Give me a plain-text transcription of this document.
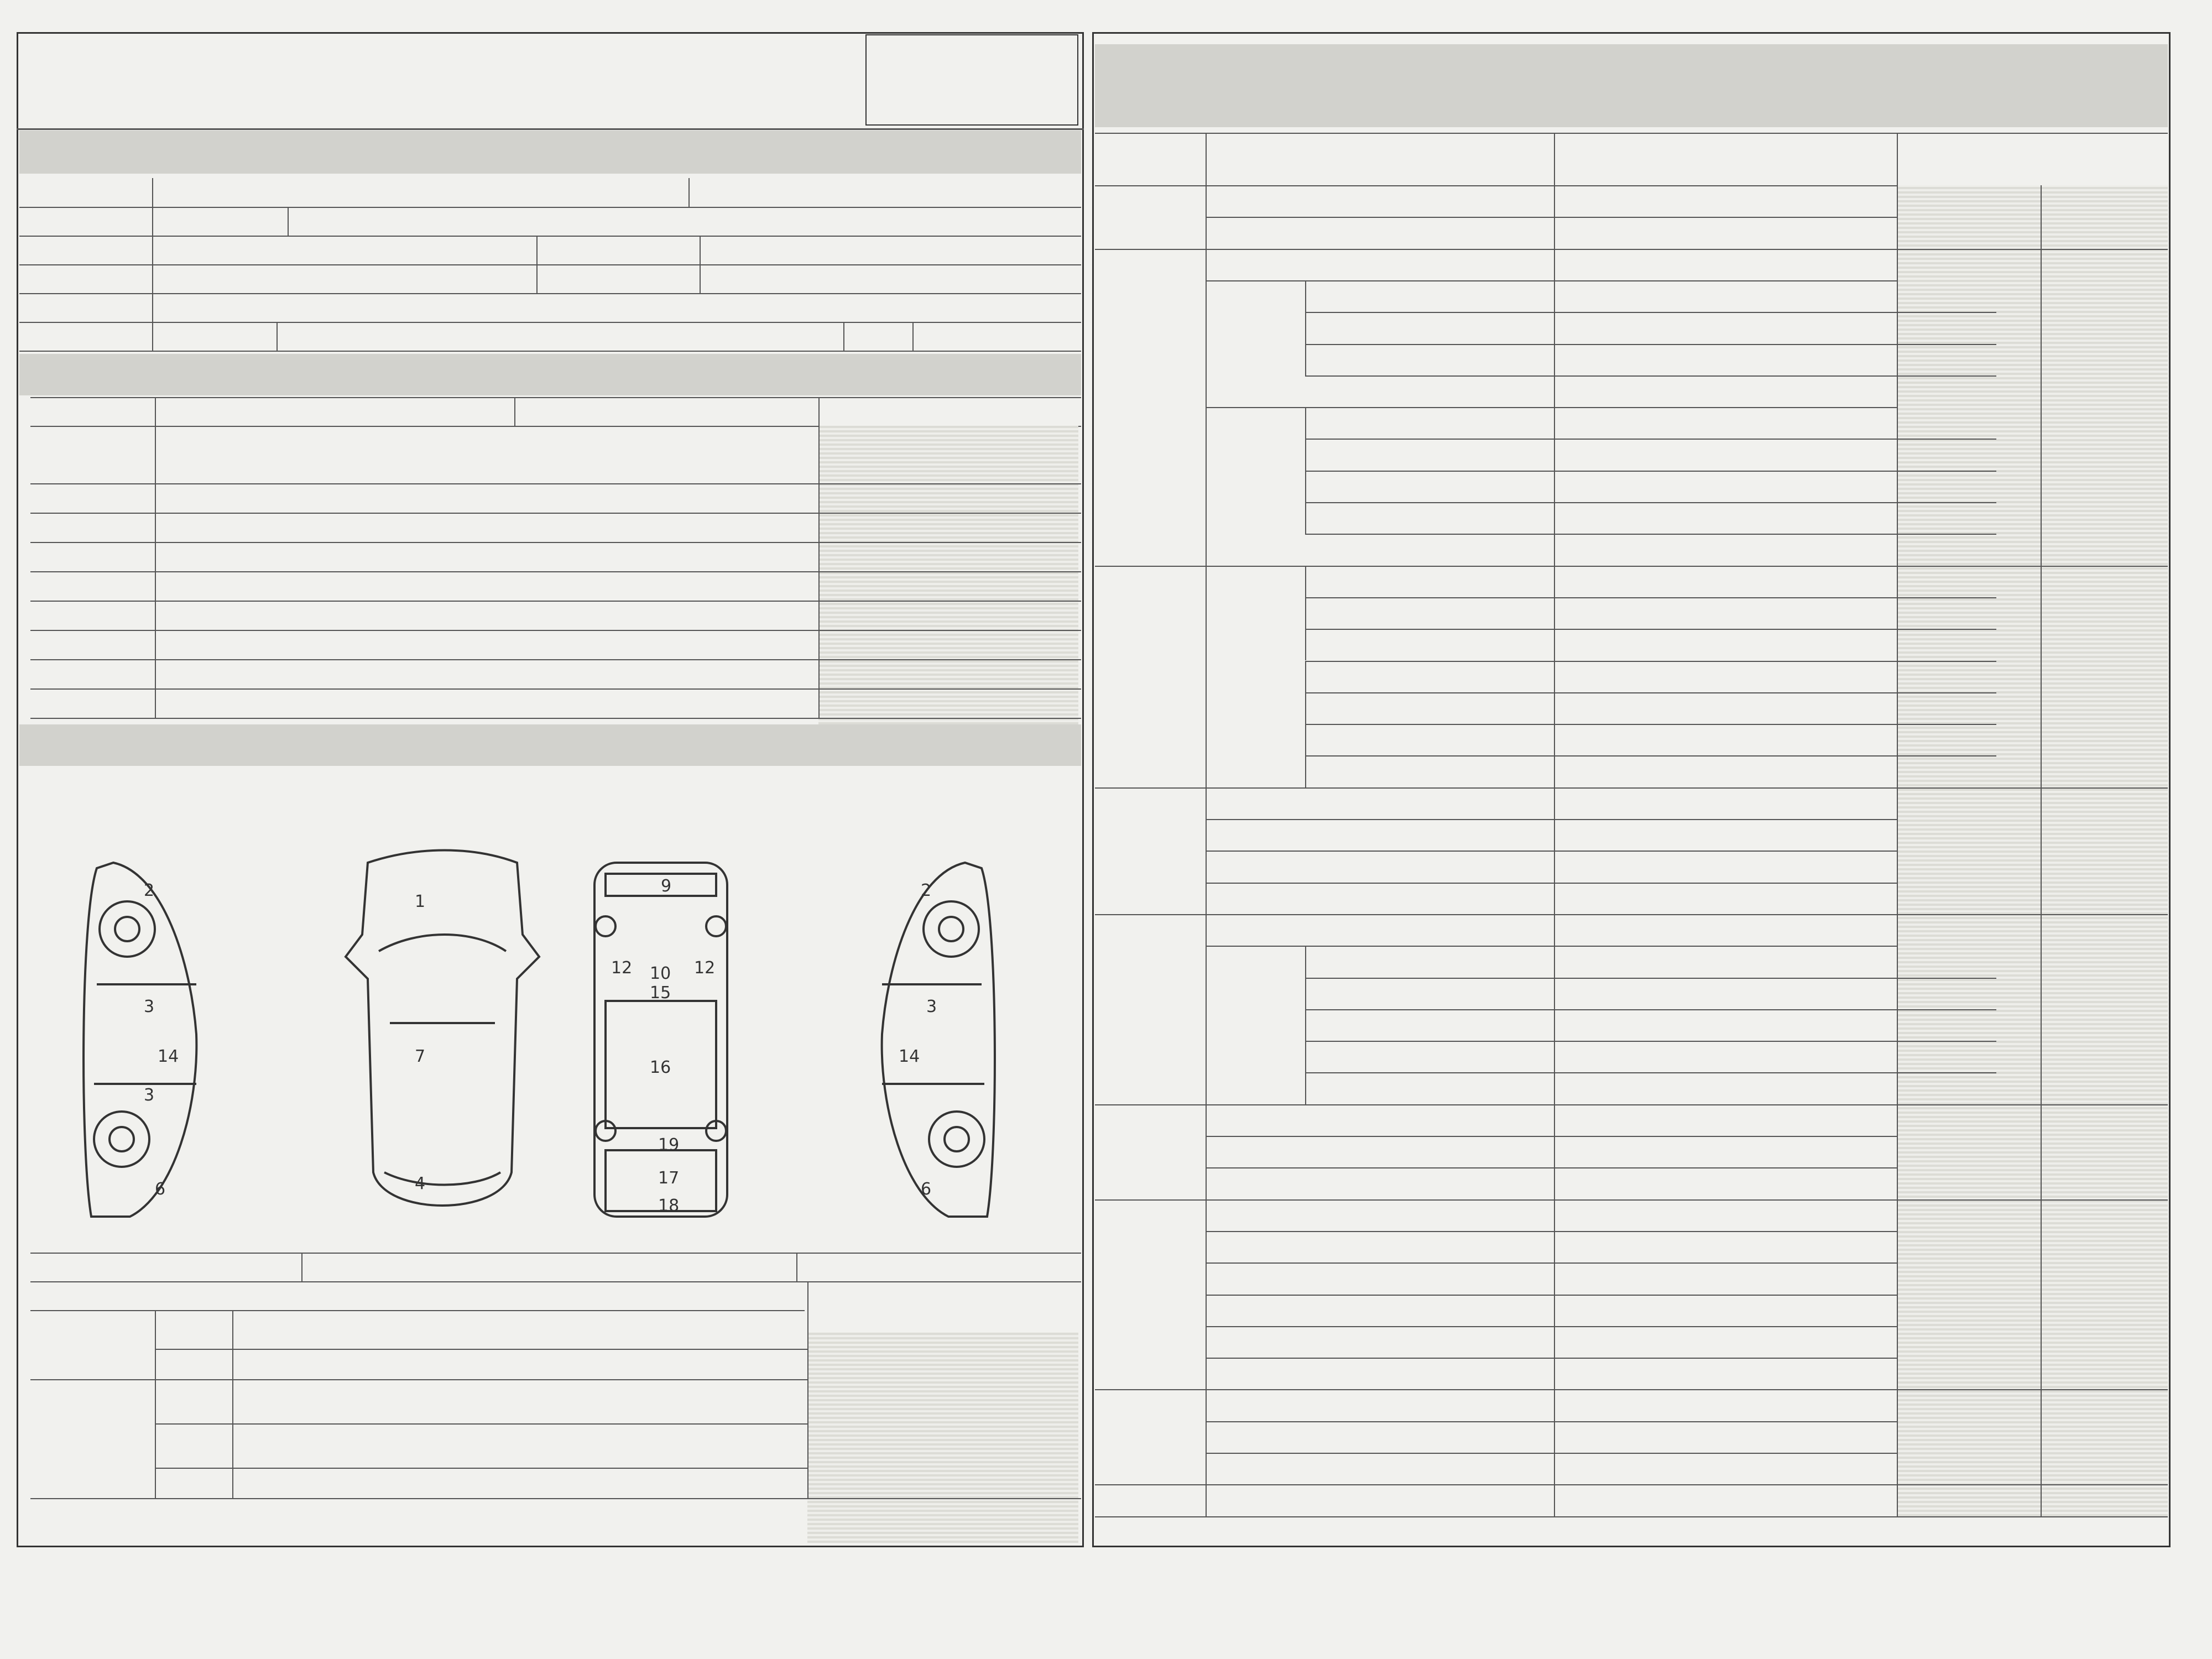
2
3
3
14
6
1
7
4
9
16
19
17
18
10
15
12	12
2
3
14
6
